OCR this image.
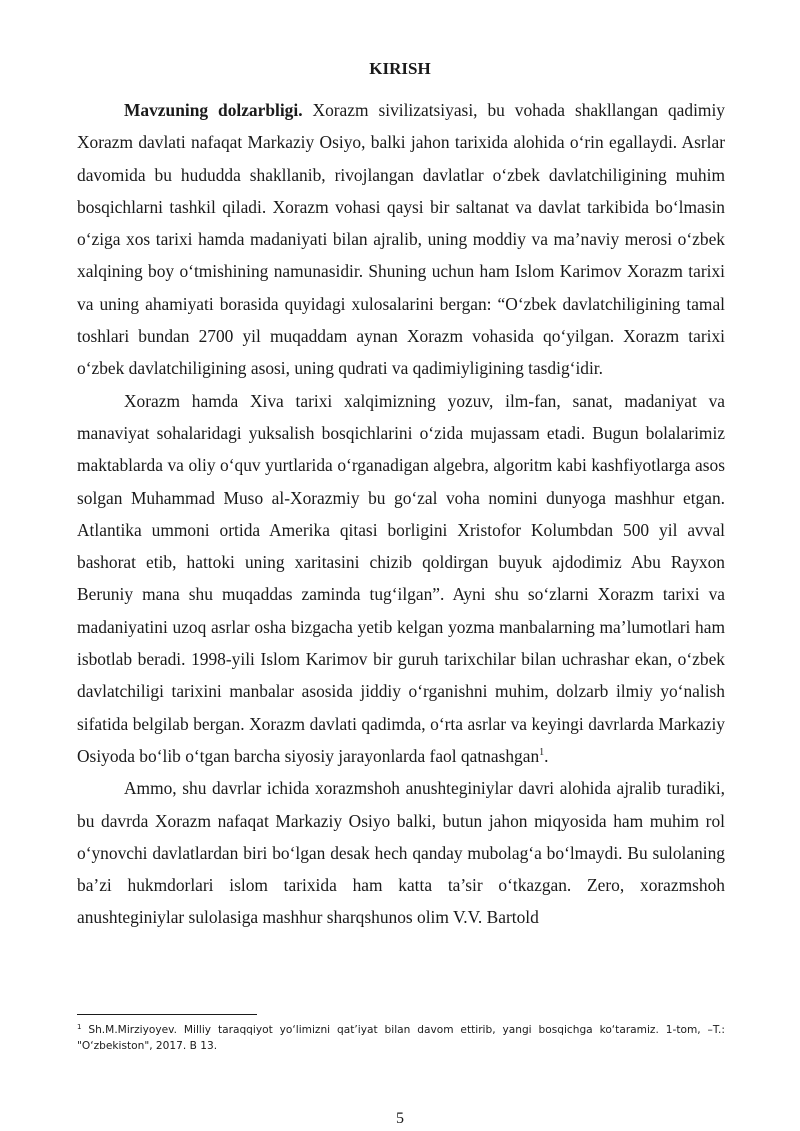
KIRISH

Mavzuning dolzarbligi. Xorazm sivilizatsiyasi, bu vohada shakllangan qadimiy Xorazm davlati nafaqat Markaziy Osiyo, balki jahon tarixida alohida o‘rin egallaydi. Asrlar davomida bu hududda shakllanib, rivojlangan davlatlar o‘zbek davlatchiligining muhim bosqichlarni tashkil qiladi. Xorazm vohasi qaysi bir saltanat va davlat tarkibida bo‘lmasin o‘ziga xos tarixi hamda madaniyati bilan ajralib, uning moddiy va ma’naviy merosi o‘zbek xalqining boy o‘tmishining namunasidir. Shuning uchun ham Islom Karimov Xorazm tarixi va uning ahamiyati borasida quyidagi xulosalarini bergan: “O‘zbek davlatchiligining tamal toshlari bundan 2700 yil muqaddam aynan Xorazm vohasida qo‘yilgan. Xorazm tarixi o‘zbek davlatchiligining asosi, uning qudrati va qadimiyligining tasdig‘idir.

Xorazm hamda Xiva tarixi xalqimizning yozuv, ilm-fan, sanat, madaniyat va manaviyat sohalaridagi yuksalish bosqichlarini o‘zida mujassam etadi. Bugun bolalarimiz maktablarda va oliy o‘quv yurtlarida o‘rganadigan algebra, algoritm kabi kashfiyotlarga asos solgan Muhammad Muso al-Xorazmiy bu go‘zal voha nomini dunyoga mashhur etgan. Atlantika ummoni ortida Amerika qitasi borligini Xristofor Kolumbdan 500 yil avval bashorat etib, hattoki uning xaritasini chizib qoldirgan buyuk ajdodimiz Abu Rayxon Beruniy mana shu muqaddas zaminda tug‘ilgan”. Ayni shu so‘zlarni Xorazm tarixi va madaniyatini uzoq asrlar osha bizgacha yetib kelgan yozma manbalarning ma’lumotlari ham isbotlab beradi. 1998-yili Islom Karimov bir guruh tarixchilar bilan uchrashar ekan, o‘zbek davlatchiligi tarixini manbalar asosida jiddiy o‘rganishni muhim, dolzarb ilmiy yo‘nalish sifatida belgilab bergan. Xorazm davlati qadimda, o‘rta asrlar va keyingi davrlarda Markaziy Osiyoda bo‘lib o‘tgan barcha siyosiy jarayonlarda faol qatnashgan$^1$.

Ammo, shu davrlar ichida xorazmshoh anushteginiylar davri alohida ajralib turadiki, bu davrda Xorazm nafaqat Markaziy Osiyo balki, butun jahon miqyosida ham muhim rol o‘ynovchi davlatlardan biri bo‘lgan desak hech qanday mubolag‘a bo‘lmaydi. Bu sulolaning ba’zi hukmdorlari islom tarixida ham katta ta’sir o‘tkazgan. Zero, xorazmshoh anushteginiylar sulolasiga mashhur sharqshunos olim V.V. Bartold

$^1$ Sh.M.Mirziyoyev. Milliy taraqqiyot yo‘limizni qat’iyat bilan davom ettirib, yangi bosqichga ko‘taramiz. 1-tom, –T.: "O‘zbekiston", 2017. B 13.
5
